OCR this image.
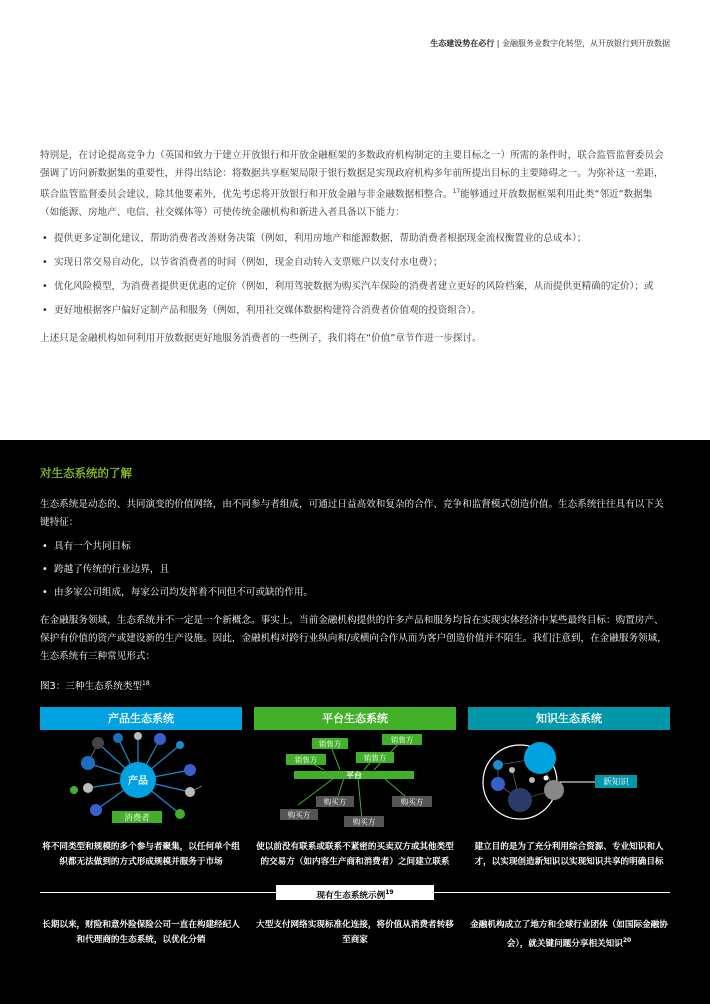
生态建设势在必行 | 金融服务业数字化转型，从开放银行到开放数据

特别是，在讨论提高竞争力（英国和致力于建立开放银行和开放金融框架的多数政府机构制定的主要目标之一）所需的条件时，联合监管监督委员会强调了访问新数据集的重要性，并得出结论：将数据共享框架局限于银行数据是实现政府机构多年前所提出目标的主要障碍之一。为弥补这一差距，联合监管监督委员会建议，除其他要素外，优先考虑将开放银行和开放金融与非金融数据相整合。$^{17}$能够通过开放数据框架利用此类“邻近”数据集（如能源、房地产、电信、社交媒体等）可使传统金融机构和新进入者具备以下能力：

• 提供更多定制化建议，帮助消费者改善财务决策（例如，利用房地产和能源数据，帮助消费者根据现金流权衡置业的总成本）；
• 实现日常交易自动化，以节省消费者的时间（例如，现金自动转入支票账户以支付水电费）；
• 优化风险模型，为消费者提供更优惠的定价（例如，利用驾驶数据为购买汽车保险的消费者建立更好的风险档案，从而提供更精确的定价）；或
• 更好地根据客户偏好定制产品和服务（例如，利用社交媒体数据构建符合消费者价值观的投资组合）。

上述只是金融机构如何利用开放数据更好地服务消费者的一些例子，我们将在“价值”章节作进一步探讨。

对生态系统的了解

生态系统是动态的、共同演变的价值网络，由不同参与者组成，可通过日益高效和复杂的合作、竞争和监督模式创造价值。生态系统往往具有以下关键特征：

• 具有一个共同目标
• 跨越了传统的行业边界，且
• 由多家公司组成，每家公司均发挥着不同但不可或缺的作用。

在金融服务领域，生态系统并不一定是一个新概念。事实上，当前金融机构提供的许多产品和服务均旨在实现实体经济中某些最终目标：购置房产、保护有价值的资产或建设新的生产设施。因此，金融机构对跨行业纵向和/或横向合作从而为客户创造价值并不陌生。我们注意到，在金融服务领域，生态系统有三种常见形式：

图3：三种生态系统类型$^{18}$
产品生态系统	平台生态系统	知识生态系统
产品
消费者
平台
销售方	销售方
销售方	销售方
购买方	购买方
购买方
购买方
新知识
将不同类型和规模的多个参与者聚集，以任何单个组织都无法做到的方式形成规模并服务于市场
使以前没有联系或联系不紧密的买卖双方或其他类型的交易方（如内容生产商和消费者）之间建立联系
建立目的是为了充分利用综合资源、专业知识和人才，以实现创造新知识以实现知识共享的明确目标
现有生态系统示例$^{19}$
长期以来，财险和意外险保险公司一直在构建经纪人和代理商的生态系统，以优化分销
大型支付网络实现标准化连接，将价值从消费者转移至商家
金融机构成立了地方和全球行业团体（如国际金融协会），就关键问题分享相关知识$^{20}$
